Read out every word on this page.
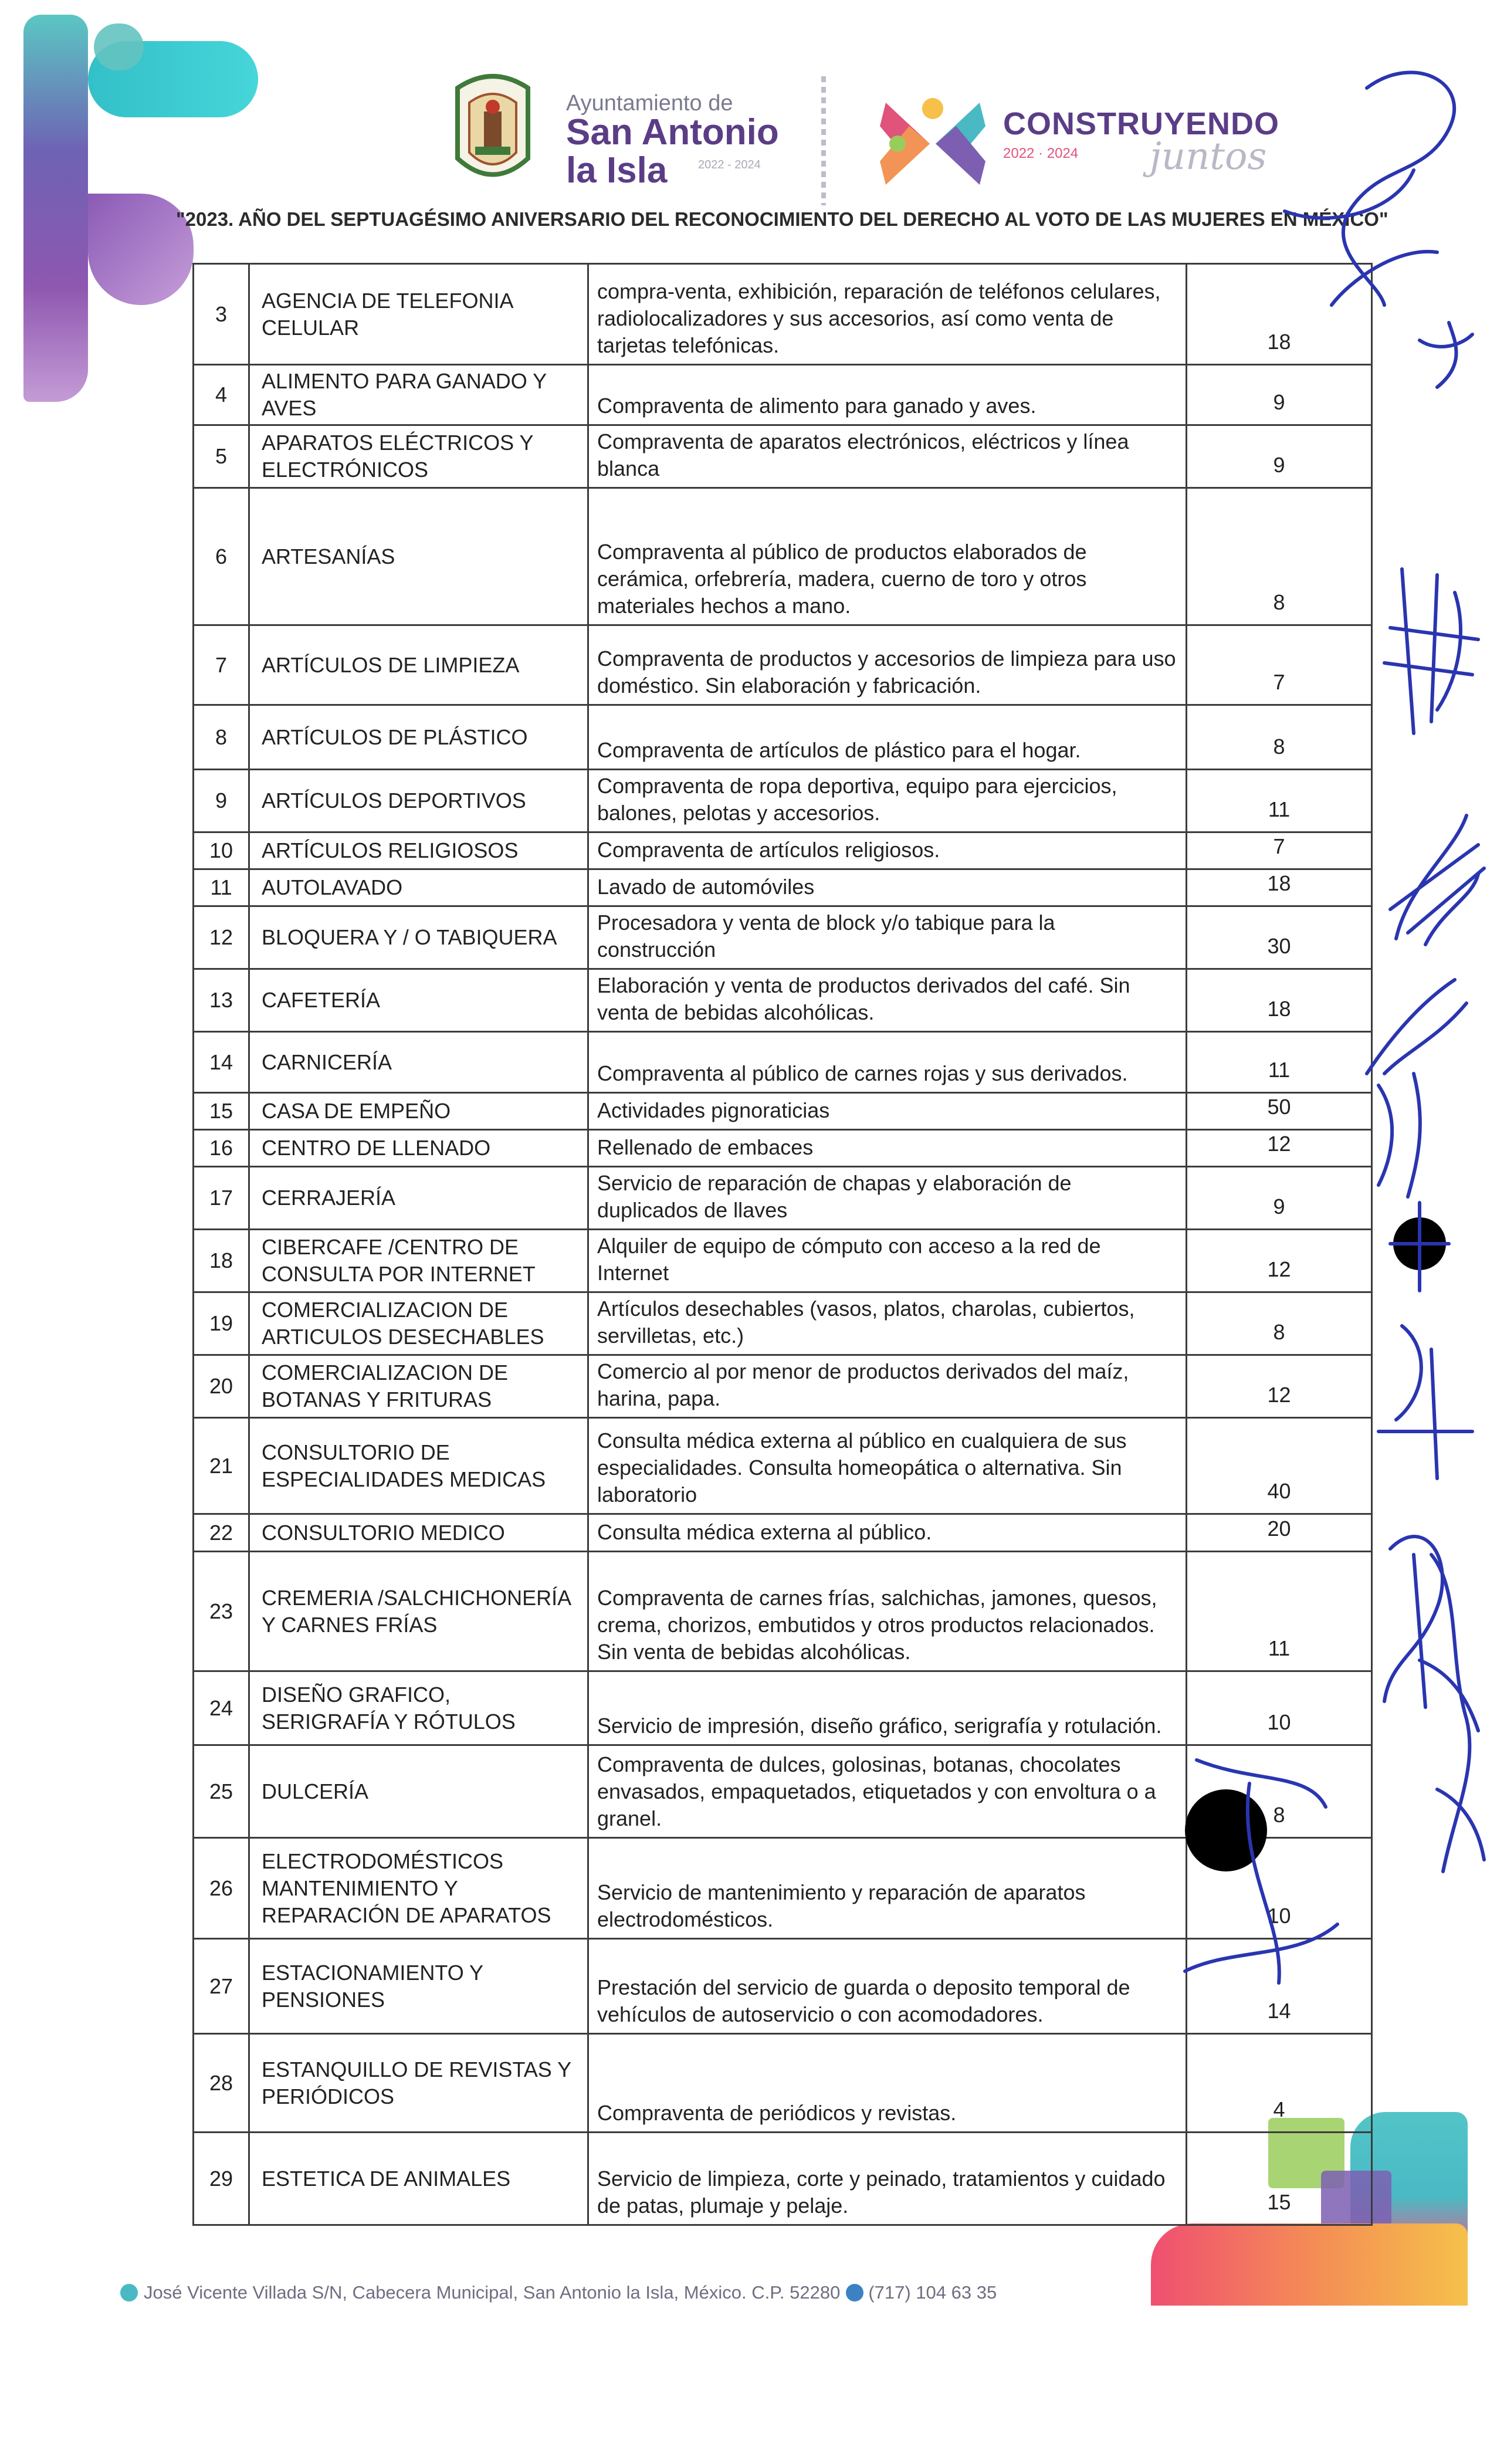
Ayuntamiento de
San Antonio
la Isla	2022 - 2024
CONSTRUYENDO
2022 · 2024 juntos
"2023. AÑO DEL SEPTUAGÉSIMO ANIVERSARIO DEL RECONOCIMIENTO DEL DERECHO AL VOTO DE LAS MUJERES EN MÉXICO"
3	AGENCIA DE TELEFONIA CELULAR	compra-venta, exhibición, reparación de teléfonos celulares, radiolocalizadores y sus accesorios, así como venta de tarjetas telefónicas.	18
4	ALIMENTO PARA GANADO Y AVES	Compraventa de alimento para ganado y aves.	9
5	APARATOS ELÉCTRICOS Y ELECTRÓNICOS	Compraventa de aparatos electrónicos, eléctricos y línea blanca	9
6	ARTESANÍAS	Compraventa al público de productos elaborados de cerámica, orfebrería, madera, cuerno de toro y otros materiales hechos a mano.	8
7	ARTÍCULOS DE LIMPIEZA	Compraventa de productos y accesorios de limpieza para uso doméstico. Sin elaboración y fabricación.	7
8	ARTÍCULOS DE PLÁSTICO	Compraventa de artículos de plástico para el hogar.	8
9	ARTÍCULOS DEPORTIVOS	Compraventa de ropa deportiva, equipo para ejercicios, balones, pelotas y accesorios.	11
10	ARTÍCULOS RELIGIOSOS	Compraventa de artículos religiosos.	7
11	AUTOLAVADO	Lavado de automóviles	18
12	BLOQUERA Y / O TABIQUERA	Procesadora y venta de block y/o tabique para la construcción	30
13	CAFETERÍA	Elaboración y venta de productos derivados del café. Sin venta de bebidas alcohólicas.	18
14	CARNICERÍA	Compraventa al público de carnes rojas y sus derivados.	11
15	CASA DE EMPEÑO	Actividades pignoraticias	50
16	CENTRO DE LLENADO	Rellenado de embaces	12
17	CERRAJERÍA	Servicio de reparación de chapas y elaboración de duplicados de llaves	9
18	CIBERCAFE /CENTRO DE CONSULTA POR INTERNET	Alquiler de equipo de cómputo con acceso a la red de Internet	12
19	COMERCIALIZACION DE ARTICULOS DESECHABLES	Artículos desechables (vasos, platos, charolas, cubiertos, servilletas, etc.)	8
20	COMERCIALIZACION DE BOTANAS Y FRITURAS	Comercio al por menor de productos derivados del maíz, harina, papa.	12
21	CONSULTORIO DE ESPECIALIDADES MEDICAS	Consulta médica externa al público en cualquiera de sus especialidades. Consulta homeopática o alternativa. Sin laboratorio	40
22	CONSULTORIO MEDICO	Consulta médica externa al público.	20
23	CREMERIA /SALCHICHONERÍA Y CARNES FRÍAS	Compraventa de carnes frías, salchichas, jamones, quesos, crema, chorizos, embutidos y otros productos relacionados. Sin venta de bebidas alcohólicas.	11
24	DISEÑO GRAFICO, SERIGRAFÍA Y RÓTULOS	Servicio de impresión, diseño gráfico, serigrafía y rotulación.	10
25	DULCERÍA	Compraventa de dulces, golosinas, botanas, chocolates envasados, empaquetados, etiquetados y con envoltura o a granel.	8
26	ELECTRODOMÉSTICOS MANTENIMIENTO Y REPARACIÓN DE APARATOS	Servicio de mantenimiento y reparación de aparatos electrodomésticos.	10
27	ESTACIONAMIENTO Y PENSIONES	Prestación del servicio de guarda o deposito temporal de vehículos de autoservicio o con acomodadores.	14
28	ESTANQUILLO DE REVISTAS Y PERIÓDICOS	Compraventa de periódicos y revistas.	4
29	ESTETICA DE ANIMALES	Servicio de limpieza, corte y peinado, tratamientos y cuidado de patas, plumaje y pelaje.	15
José Vicente Villada S/N, Cabecera Municipal, San Antonio la Isla, México. C.P. 52280 (717) 104 63 35
